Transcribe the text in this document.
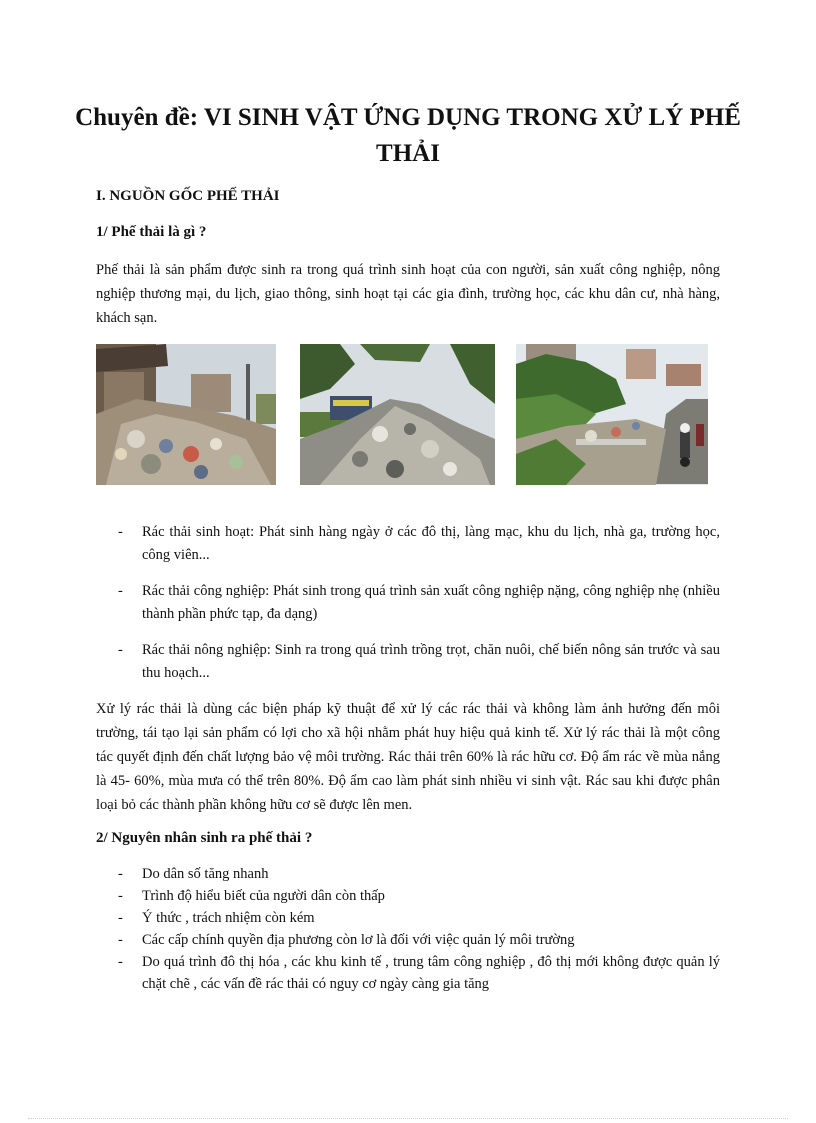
Chuyên đề: VI SINH VẬT ỨNG DỤNG TRONG XỬ LÝ PHẾ THẢI
I. NGUỒN GỐC PHẾ THẢI
1/ Phế thải là gì ?
Phế thải là sản phẩm được sinh ra trong quá trình sinh hoạt của con người, sản xuất công nghiệp, nông nghiệp thương mại, du lịch, giao thông, sinh hoạt tại các gia đình, trường học, các khu dân cư, nhà hàng, khách sạn.
- Rác thải sinh hoạt: Phát sinh hàng ngày ở các đô thị, làng mạc, khu du lịch, nhà ga, trường học, công viên...
- Rác thải công nghiệp: Phát sinh trong quá trình sản xuất công nghiệp nặng, công nghiệp nhẹ (nhiều thành phần phức tạp, đa dạng)
- Rác thải nông nghiệp: Sinh ra trong quá trình trồng trọt, chăn nuôi, chế biến nông sản trước và sau thu hoạch...
Xử lý rác thải là dùng các biện pháp kỹ thuật để xử lý các rác thải và không làm ảnh hưởng đến môi trường, tái tạo lại sản phẩm có lợi cho xã hội nhằm phát huy hiệu quả kinh tế. Xử lý rác thải là một công tác quyết định đến chất lượng bảo vệ môi trường. Rác thải trên 60% là rác hữu cơ. Độ ẩm rác về mùa nắng là 45- 60%, mùa mưa có thể trên 80%. Độ ẩm cao làm phát sinh nhiều vi sinh vật. Rác sau khi được phân loại bỏ các thành phần không hữu cơ sẽ được lên men.
2/ Nguyên nhân sinh ra phế thải ?
- Do dân số tăng nhanh
- Trình độ hiểu biết của người dân còn thấp
- Ý thức , trách nhiệm còn kém
- Các cấp chính quyền địa phương còn lơ là đối với việc quản lý môi trường
- Do quá trình đô thị hóa , các khu kinh tế , trung tâm công nghiệp , đô thị mới không được quản lý chặt chẽ , các vấn đề rác thải có nguy cơ ngày càng gia tăng
